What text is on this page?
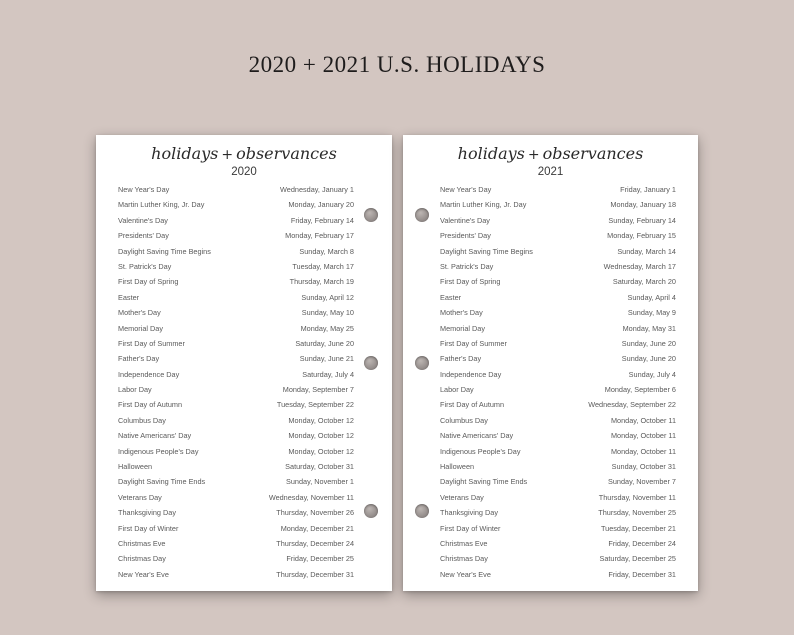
2020 + 2021 U.S. HOLIDAYS
holidays + observances
2020
New Year's Day	Wednesday, January 1
Martin Luther King, Jr. Day	Monday, January 20
Valentine's Day	Friday, February 14
Presidents' Day	Monday, February 17
Daylight Saving Time Begins	Sunday, March 8
St. Patrick's Day	Tuesday, March 17
First Day of Spring	Thursday, March 19
Easter	Sunday, April 12
Mother's Day	Sunday, May 10
Memorial Day	Monday, May 25
First Day of Summer	Saturday, June 20
Father's Day	Sunday, June 21
Independence Day	Saturday, July 4
Labor Day	Monday, September 7
First Day of Autumn	Tuesday, September 22
Columbus Day	Monday, October 12
Native Americans' Day	Monday, October 12
Indigenous People's Day	Monday, October 12
Halloween	Saturday, October 31
Daylight Saving Time Ends	Sunday, November 1
Veterans Day	Wednesday, November 11
Thanksgiving Day	Thursday, November 26
First Day of Winter	Monday, December 21
Christmas Eve	Thursday, December 24
Christmas Day	Friday, December 25
New Year's Eve	Thursday, December 31
holidays + observances
2021
New Year's Day	Friday, January 1
Martin Luther King, Jr. Day	Monday, January 18
Valentine's Day	Sunday, February 14
Presidents' Day	Monday, February 15
Daylight Saving Time Begins	Sunday, March 14
St. Patrick's Day	Wednesday, March 17
First Day of Spring	Saturday, March 20
Easter	Sunday, April 4
Mother's Day	Sunday, May 9
Memorial Day	Monday, May 31
First Day of Summer	Sunday, June 20
Father's Day	Sunday, June 20
Independence Day	Sunday, July 4
Labor Day	Monday, September 6
First Day of Autumn	Wednesday, September 22
Columbus Day	Monday, October 11
Native Americans' Day	Monday, October 11
Indigenous People's Day	Monday, October 11
Halloween	Sunday, October 31
Daylight Saving Time Ends	Sunday, November 7
Veterans Day	Thursday, November 11
Thanksgiving Day	Thursday, November 25
First Day of Winter	Tuesday, December 21
Christmas Eve	Friday, December 24
Christmas Day	Saturday, December 25
New Year's Eve	Friday, December 31
